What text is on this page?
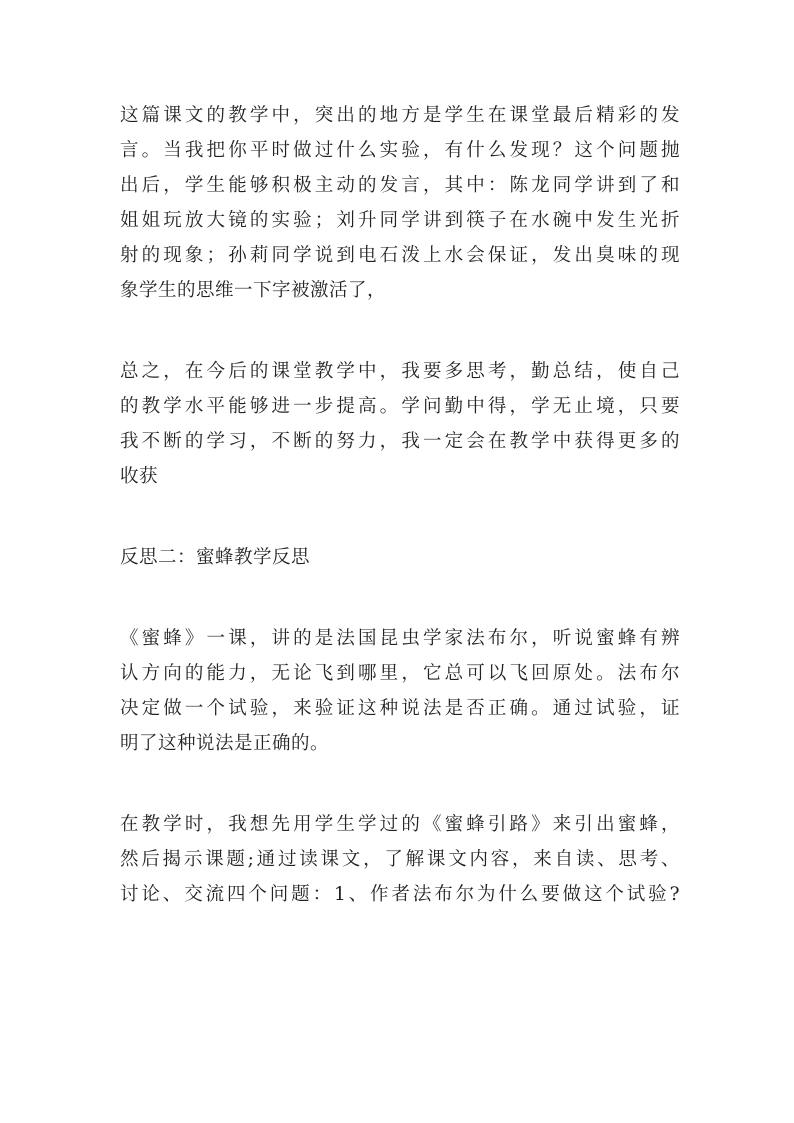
这篇课文的教学中，突出的地方是学生在课堂最后精彩的发
言。当我把你平时做过什么实验，有什么发现？这个问题抛
出后，学生能够积极主动的发言，其中：陈龙同学讲到了和
姐姐玩放大镜的实验；刘升同学讲到筷子在水碗中发生光折
射的现象；孙莉同学说到电石泼上水会保证，发出臭味的现
象学生的思维一下字被激活了，

总之，在今后的课堂教学中，我要多思考，勤总结，使自己
的教学水平能够进一步提高。学问勤中得，学无止境，只要
我不断的学习，不断的努力，我一定会在教学中获得更多的
收获

反思二：蜜蜂教学反思

《蜜蜂》一课，讲的是法国昆虫学家法布尔，听说蜜蜂有辨
认方向的能力，无论飞到哪里，它总可以飞回原处。法布尔
决定做一个试验，来验证这种说法是否正确。通过试验，证
明了这种说法是正确的。

在教学时，我想先用学生学过的《蜜蜂引路》来引出蜜蜂，
然后揭示课题;通过读课文，了解课文内容，来自读、思考、
讨论、交流四个问题：1、作者法布尔为什么要做这个试验?
